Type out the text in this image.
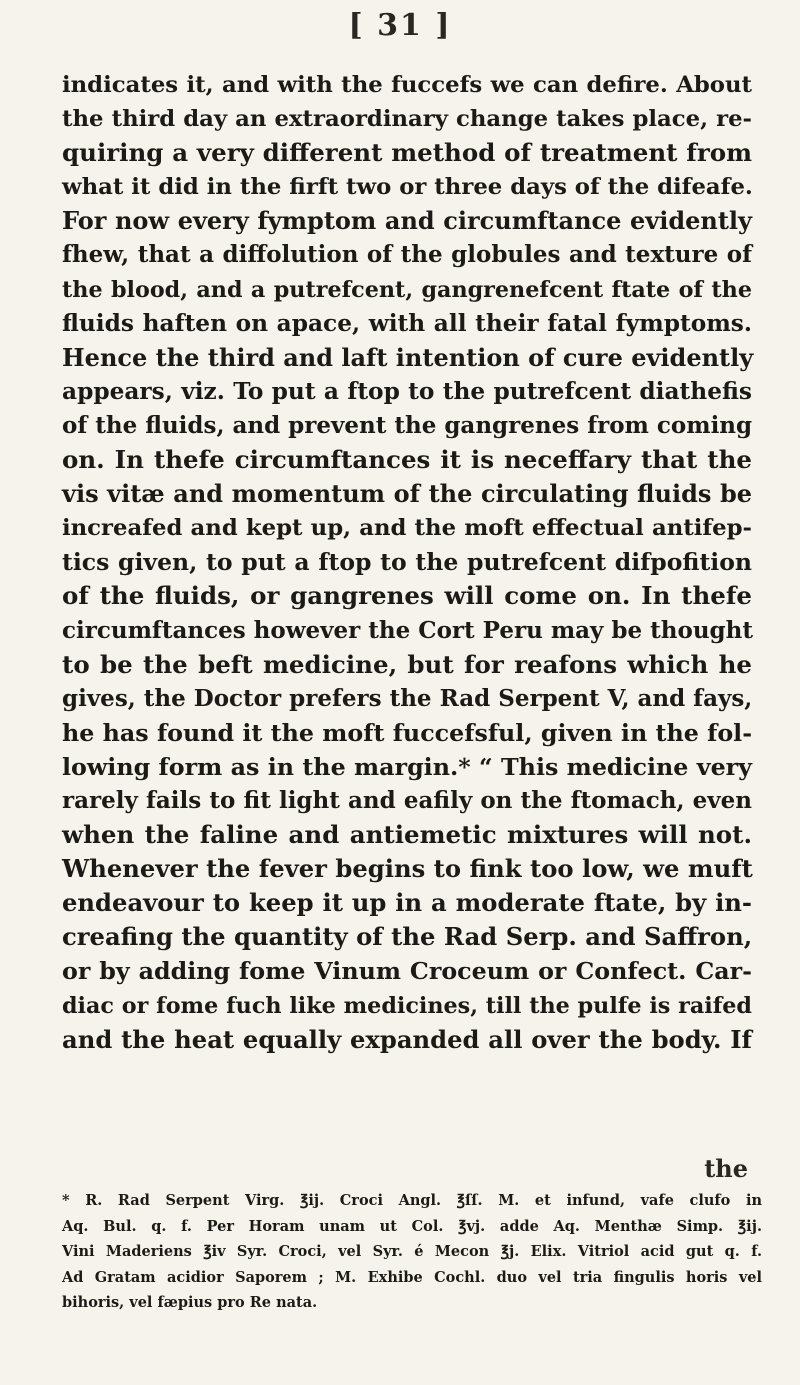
[ 31 ]
indicates it, and with the fuccefs we can defire. About
the third day an extraordinary change takes place, re-
quiring a very different method of treatment from
what it did in the firft two or three days of the difeafe.
For now every fymptom and circumftance evidently
fhew, that a diffolution of the globules and texture of
the blood, and a putrefcent, gangrenefcent ftate of the
fluids haften on apace, with all their fatal fymptoms.
Hence the third and laft intention of cure evidently
appears, viz. To put a ftop to the putrefcent diathefis
of the fluids, and prevent the gangrenes from coming
on. In thefe circumftances it is neceffary that the
vis vitæ and momentum of the circulating fluids be
increafed and kept up, and the moft effectual antifep-
tics given, to put a ftop to the putrefcent difpofition
of the fluids, or gangrenes will come on. In thefe
circumftances however the Cort Peru may be thought
to be the beft medicine, but for reafons which he
gives, the Doctor prefers the Rad Serpent V, and fays,
he has found it the moft fuccefsful, given in the fol-
lowing form as in the margin.* “ This medicine very
rarely fails to fit light and eafily on the ftomach, even
when the faline and antiemetic mixtures will not.
Whenever the fever begins to fink too low, we muft
endeavour to keep it up in a moderate ftate, by in-
creafing the quantity of the Rad Serp. and Saffron,
or by adding fome Vinum Croceum or Confect. Car-
diac or fome fuch like medicines, till the pulfe is raifed
and the heat equally expanded all over the body. If
the
* R. Rad Serpent Virg. ℥ij. Croci Angl. ℥ſſ. M. et infund, vafe clufo in
Aq. Bul. q. f. Per Horam unam ut Col. ℥vj. adde Aq. Menthæ Simp. ℥ij.
Vini Maderiens ℥iv Syr. Croci, vel Syr. é Mecon ℥j. Elix. Vitriol acid gut q. f.
Ad Gratam acidior Saporem ; M. Exhibe Cochl. duo vel tria fingulis horis vel
bihoris, vel fæpius pro Re nata.
